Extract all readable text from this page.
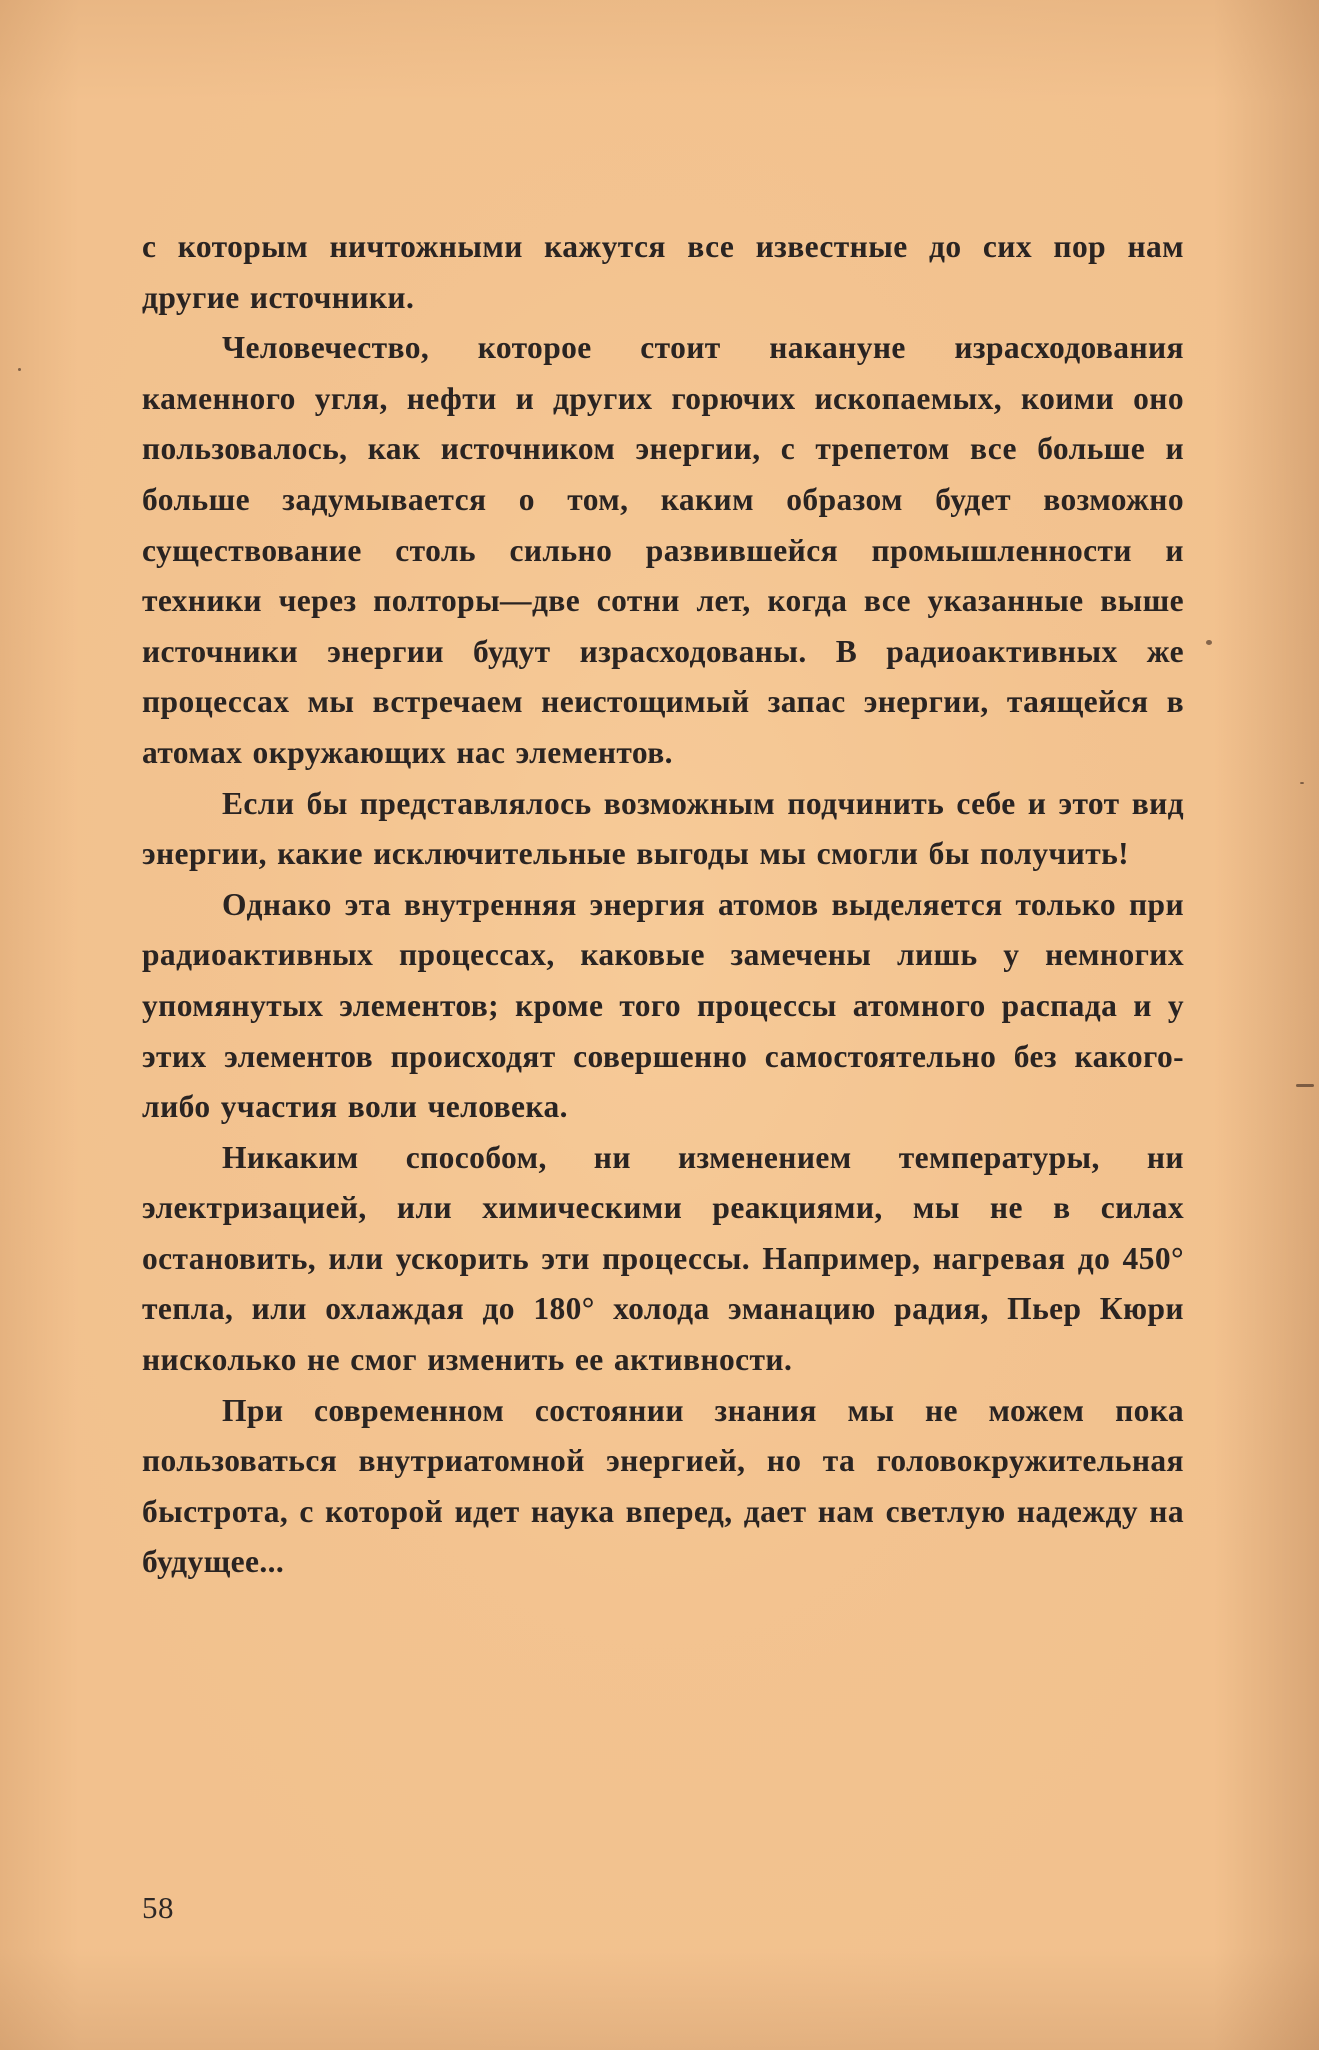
с которым ничтожными кажутся все известные до сих пор нам другие источники.

Человечество, которое стоит накануне израсходования каменного угля, нефти и других горючих ископаемых, коими оно пользовалось, как источником энергии, с трепетом все больше и больше задумывается о том, каким образом будет возможно существование столь сильно развившейся промышленности и техники через полторы—две сотни лет, когда все указанные выше источники энергии будут израсходованы. В радиоактивных же процессах мы встречаем неистощимый запас энергии, таящейся в атомах окружающих нас элементов.

Если бы представлялось возможным подчинить себе и этот вид энергии, какие исключительные выгоды мы смогли бы получить!

Однако эта внутренняя энергия атомов выделяется только при радиоактивных процессах, каковые замечены лишь у немногих упомянутых элементов; кроме того процессы атомного распада и у этих элементов происходят совершенно самостоятельно без какого-либо участия воли человека.

Никаким способом, ни изменением температуры, ни электризацией, или химическими реакциями, мы не в силах остановить, или ускорить эти процессы. Например, нагревая до 450° тепла, или охлаждая до 180° холода эманацию радия, Пьер Кюри нисколько не смог изменить ее активности.

При современном состоянии знания мы не можем пока пользоваться внутриатомной энергией, но та головокружительная быстрота, с которой идет наука вперед, дает нам светлую надежду на будущее...

58
